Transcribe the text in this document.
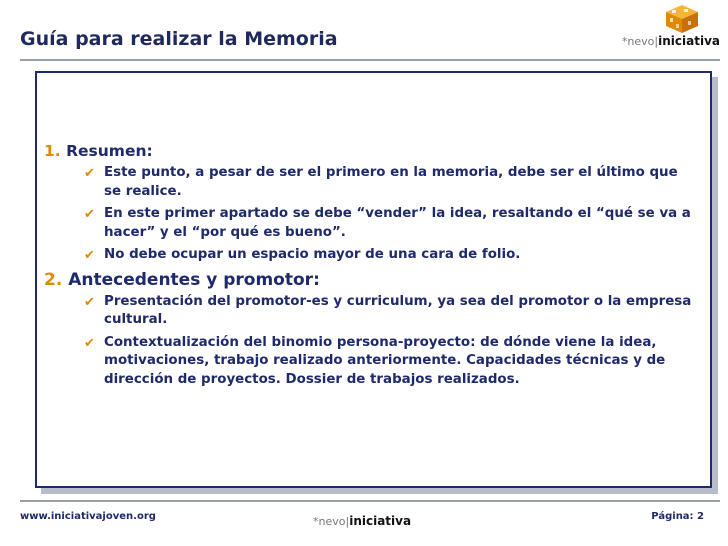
Guía para realizar la Memoria	*nevo|iniciativa
1. Resumen:
✔ Este punto, a pesar de ser el primero en la memoria, debe ser el último que se realice.
✔ En este primer apartado se debe “vender” la idea, resaltando el “qué se va a hacer” y el “por qué es bueno”.
✔ No debe ocupar un espacio mayor de una cara de folio.
2. Antecedentes y promotor:
✔ Presentación del promotor-es y curriculum, ya sea del promotor o la empresa cultural.
✔ Contextualización del binomio persona-proyecto: de dónde viene la idea, motivaciones, trabajo realizado anteriormente. Capacidades técnicas y de dirección de proyectos. Dossier de trabajos realizados.
www.iniciativajoven.org	*nevo|iniciativa	Página: 2
